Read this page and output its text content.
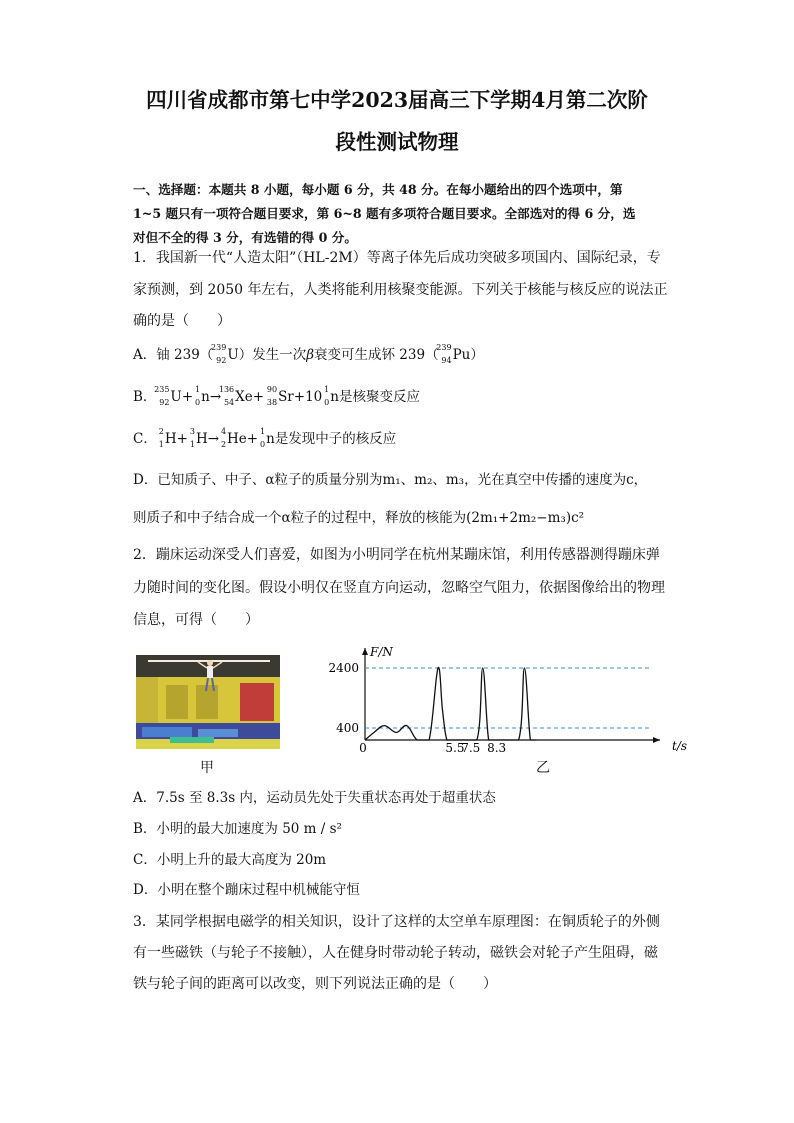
四川省成都市第七中学2023届高三下学期4月第二次阶
段性测试物理
一、选择题：本题共 8 小题，每小题 6 分，共 48 分。在每小题给出的四个选项中，第
1~5 题只有一项符合题目要求，第 6~8 题有多项符合题目要求。全部选对的得 6 分，选
对但不全的得 3 分，有选错的得 0 分。
1．我国新一代“人造太阳”（HL-2M）等离子体先后成功突破多项国内、国际纪录，专
家预测，到 2050 年左右，人类将能利用核聚变能源。下列关于核能与核反应的说法正
确的是（　　）
A．铀 239（
239
92 U）发生一次β衰变可生成钚 239（
239
94 Pu）
B．
235
92 U+ 1
0 n→
136
54 Xe+ 90
38 Sr+10 1
0 n是核聚变反应
C． 2
1 H+ 3
1 H→ 4
2 He+ 1
0 n是发现中子的核反应
D．已知质子、中子、α粒子的质量分别为m₁、m₂、m₃，光在真空中传播的速度为c，
则质子和中子结合成一个α粒子的过程中，释放的核能为(2m₁+2m₂−m₃)c²
2．蹦床运动深受人们喜爱，如图为小明同学在杭州某蹦床馆，利用传感器测得蹦床弹
力随时间的变化图。假设小明仅在竖直方向运动，忽略空气阻力，依据图像给出的物理
信息，可得（　　）
F/N
t/s
2400
400
0	5.5
7.5 8.3
甲	乙
A．7.5s 至 8.3s 内，运动员先处于失重状态再处于超重状态
B．小明的最大加速度为 50 m / s²
C．小明上升的最大高度为 20m
D．小明在整个蹦床过程中机械能守恒
3．某同学根据电磁学的相关知识，设计了这样的太空单车原理图：在铜质轮子的外侧
有一些磁铁（与轮子不接触），人在健身时带动轮子转动，磁铁会对轮子产生阻碍，磁
铁与轮子间的距离可以改变，则下列说法正确的是（　　）
